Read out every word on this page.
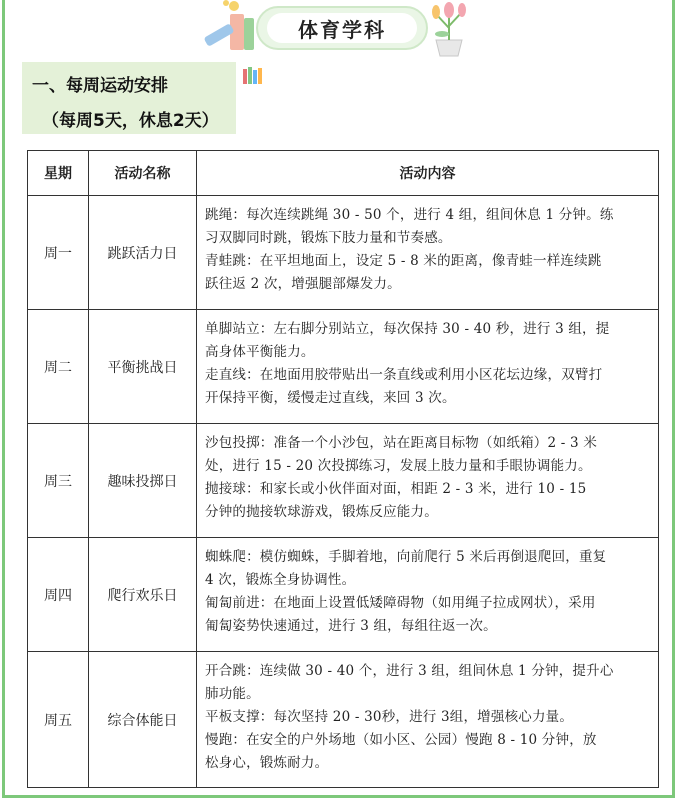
体育学科
一、每周运动安排
（每周5天，休息2天）
星期	活动名称	活动内容
周一	跳跃活力日	跳绳：每次连续跳绳 30 - 50 个，进行 4 组，组间休息 1 分钟。练
习双脚同时跳，锻炼下肢力量和节奏感。
青蛙跳：在平坦地面上，设定 5 - 8 米的距离，像青蛙一样连续跳
跃往返 2 次，增强腿部爆发力。

周二	平衡挑战日	单脚站立：左右脚分别站立，每次保持 30 - 40 秒，进行 3 组，提
高身体平衡能力。
走直线：在地面用胶带贴出一条直线或利用小区花坛边缘，双臂打
开保持平衡，缓慢走过直线，来回 3 次。

周三	趣味投掷日	沙包投掷：准备一个小沙包，站在距离目标物（如纸箱）2 - 3 米
处，进行 15 - 20 次投掷练习，发展上肢力量和手眼协调能力。
抛接球：和家长或小伙伴面对面，相距 2 - 3 米，进行 10 - 15
分钟的抛接软球游戏，锻炼反应能力。

周四	爬行欢乐日	蜘蛛爬：模仿蜘蛛，手脚着地，向前爬行 5 米后再倒退爬回，重复
4 次，锻炼全身协调性。
匍匐前进：在地面上设置低矮障碍物（如用绳子拉成网状），采用
匍匐姿势快速通过，进行 3 组，每组往返一次。

周五	综合体能日	开合跳：连续做 30 - 40 个，进行 3 组，组间休息 1 分钟，提升心
肺功能。
平板支撑：每次坚持 20 - 30秒，进行 3组，增强核心力量。
慢跑：在安全的户外场地（如小区、公园）慢跑 8 - 10 分钟，放
松身心，锻炼耐力。
